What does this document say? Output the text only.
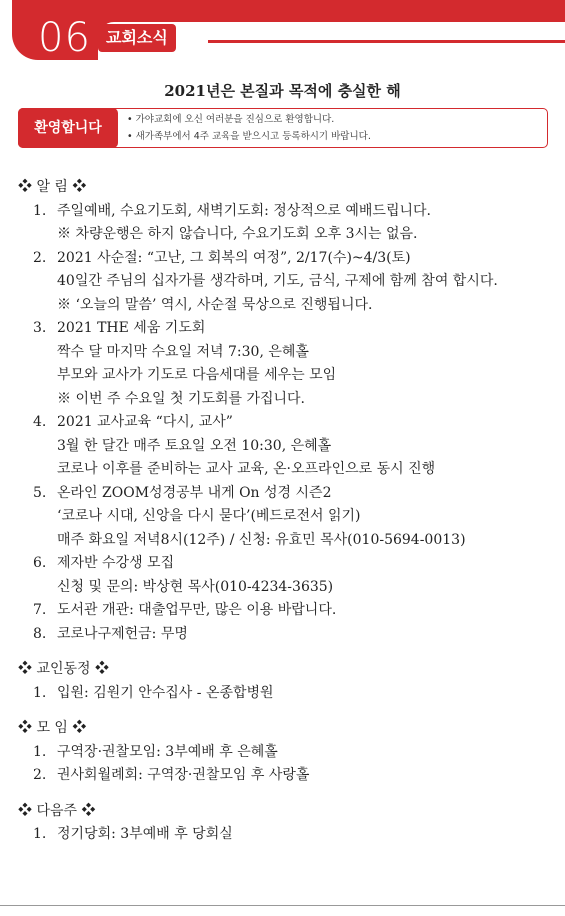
06 교회소식
2021년은 본질과 목적에 충실한 해
환영합니다
• 가야교회에 오신 여러분을 진심으로 환영합니다.
• 새가족부에서 4주 교육을 받으시고 등록하시기 바랍니다.
❖ 알 림 ❖
1. 주일예배, 수요기도회, 새벽기도회: 정상적으로 예배드립니다.
※ 차량운행은 하지 않습니다, 수요기도회 오후 3시는 없음.
2. 2021 사순절: “고난, 그 회복의 여정”, 2/17(수)~4/3(토)
40일간 주님의 십자가를 생각하며, 기도, 금식, 구제에 함께 참여 합시다.
※ ‘오늘의 말씀’ 역시, 사순절 묵상으로 진행됩니다.
3. 2021 THE 세움 기도회
짝수 달 마지막 수요일 저녁 7:30, 은혜홀
부모와 교사가 기도로 다음세대를 세우는 모임
※ 이번 주 수요일 첫 기도회를 가집니다.
4. 2021 교사교육 “다시, 교사”
3월 한 달간 매주 토요일 오전 10:30, 은혜홀
코로나 이후를 준비하는 교사 교육, 온·오프라인으로 동시 진행
5. 온라인 ZOOM성경공부 내게 On 성경 시즌2
‘코로나 시대, 신앙을 다시 묻다’(베드로전서 읽기)
매주 화요일 저녁8시(12주) / 신청: 유효민 목사(010-5694-0013)
6. 제자반 수강생 모집
신청 및 문의: 박상현 목사(010-4234-3635)
7. 도서관 개관: 대출업무만, 많은 이용 바랍니다.
8. 코로나구제헌금: 무명
❖ 교인동정 ❖
1. 입원: 김원기 안수집사 - 온종합병원
❖ 모 임 ❖
1. 구역장·권찰모임: 3부예배 후 은혜홀
2. 권사회월례회: 구역장·권찰모임 후 사랑홀
❖ 다음주 ❖
1. 정기당회: 3부예배 후 당회실
